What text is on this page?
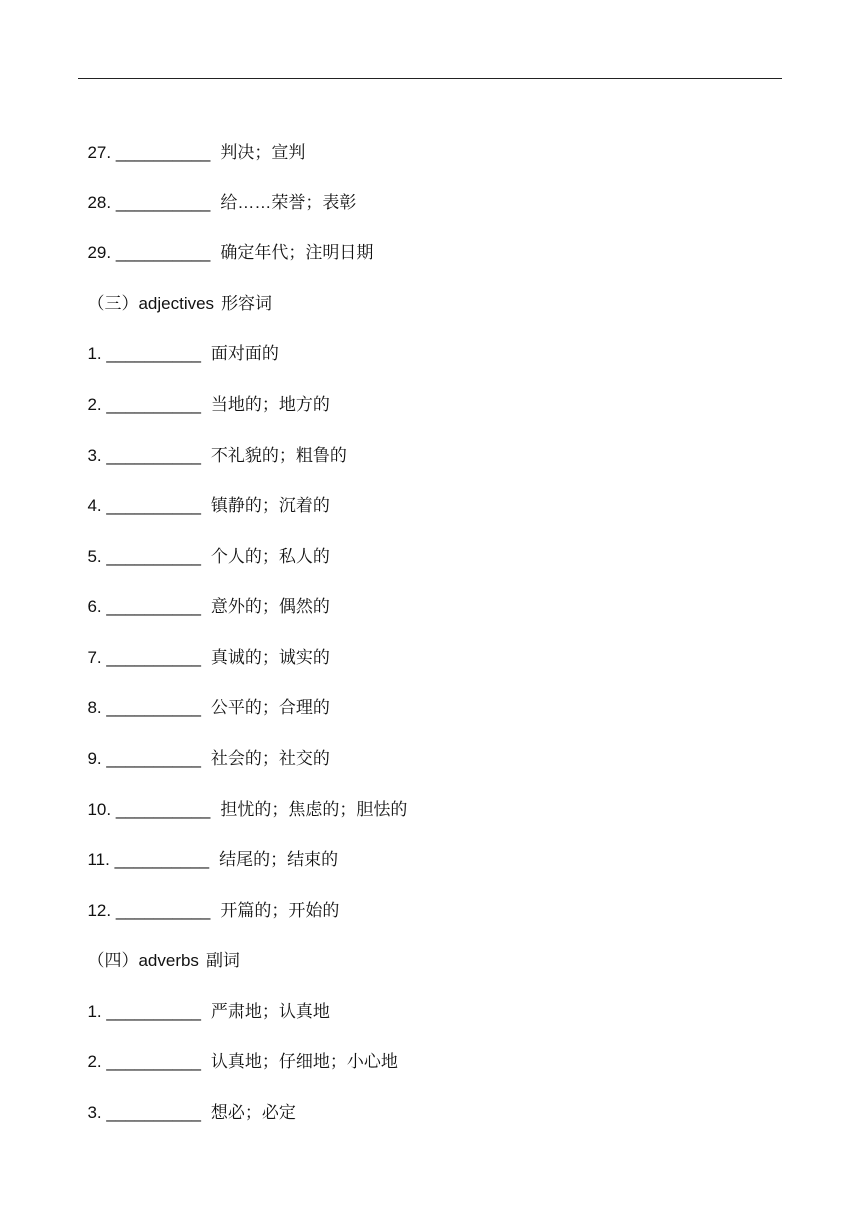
27. __________ 判决；宣判

28. __________ 给……荣誉；表彰

29. __________ 确定年代；注明日期

（三）adjectives 形容词

1. __________ 面对面的

2. __________ 当地的；地方的

3. __________ 不礼貌的；粗鲁的

4. __________ 镇静的；沉着的

5. __________ 个人的；私人的

6. __________ 意外的；偶然的

7. __________ 真诚的；诚实的

8. __________ 公平的；合理的

9. __________ 社会的；社交的

10. __________ 担忧的；焦虑的；胆怯的

11. __________ 结尾的；结束的

12. __________ 开篇的；开始的

（四）adverbs 副词

1. __________ 严肃地；认真地

2. __________ 认真地；仔细地；小心地

3. __________ 想必；必定
